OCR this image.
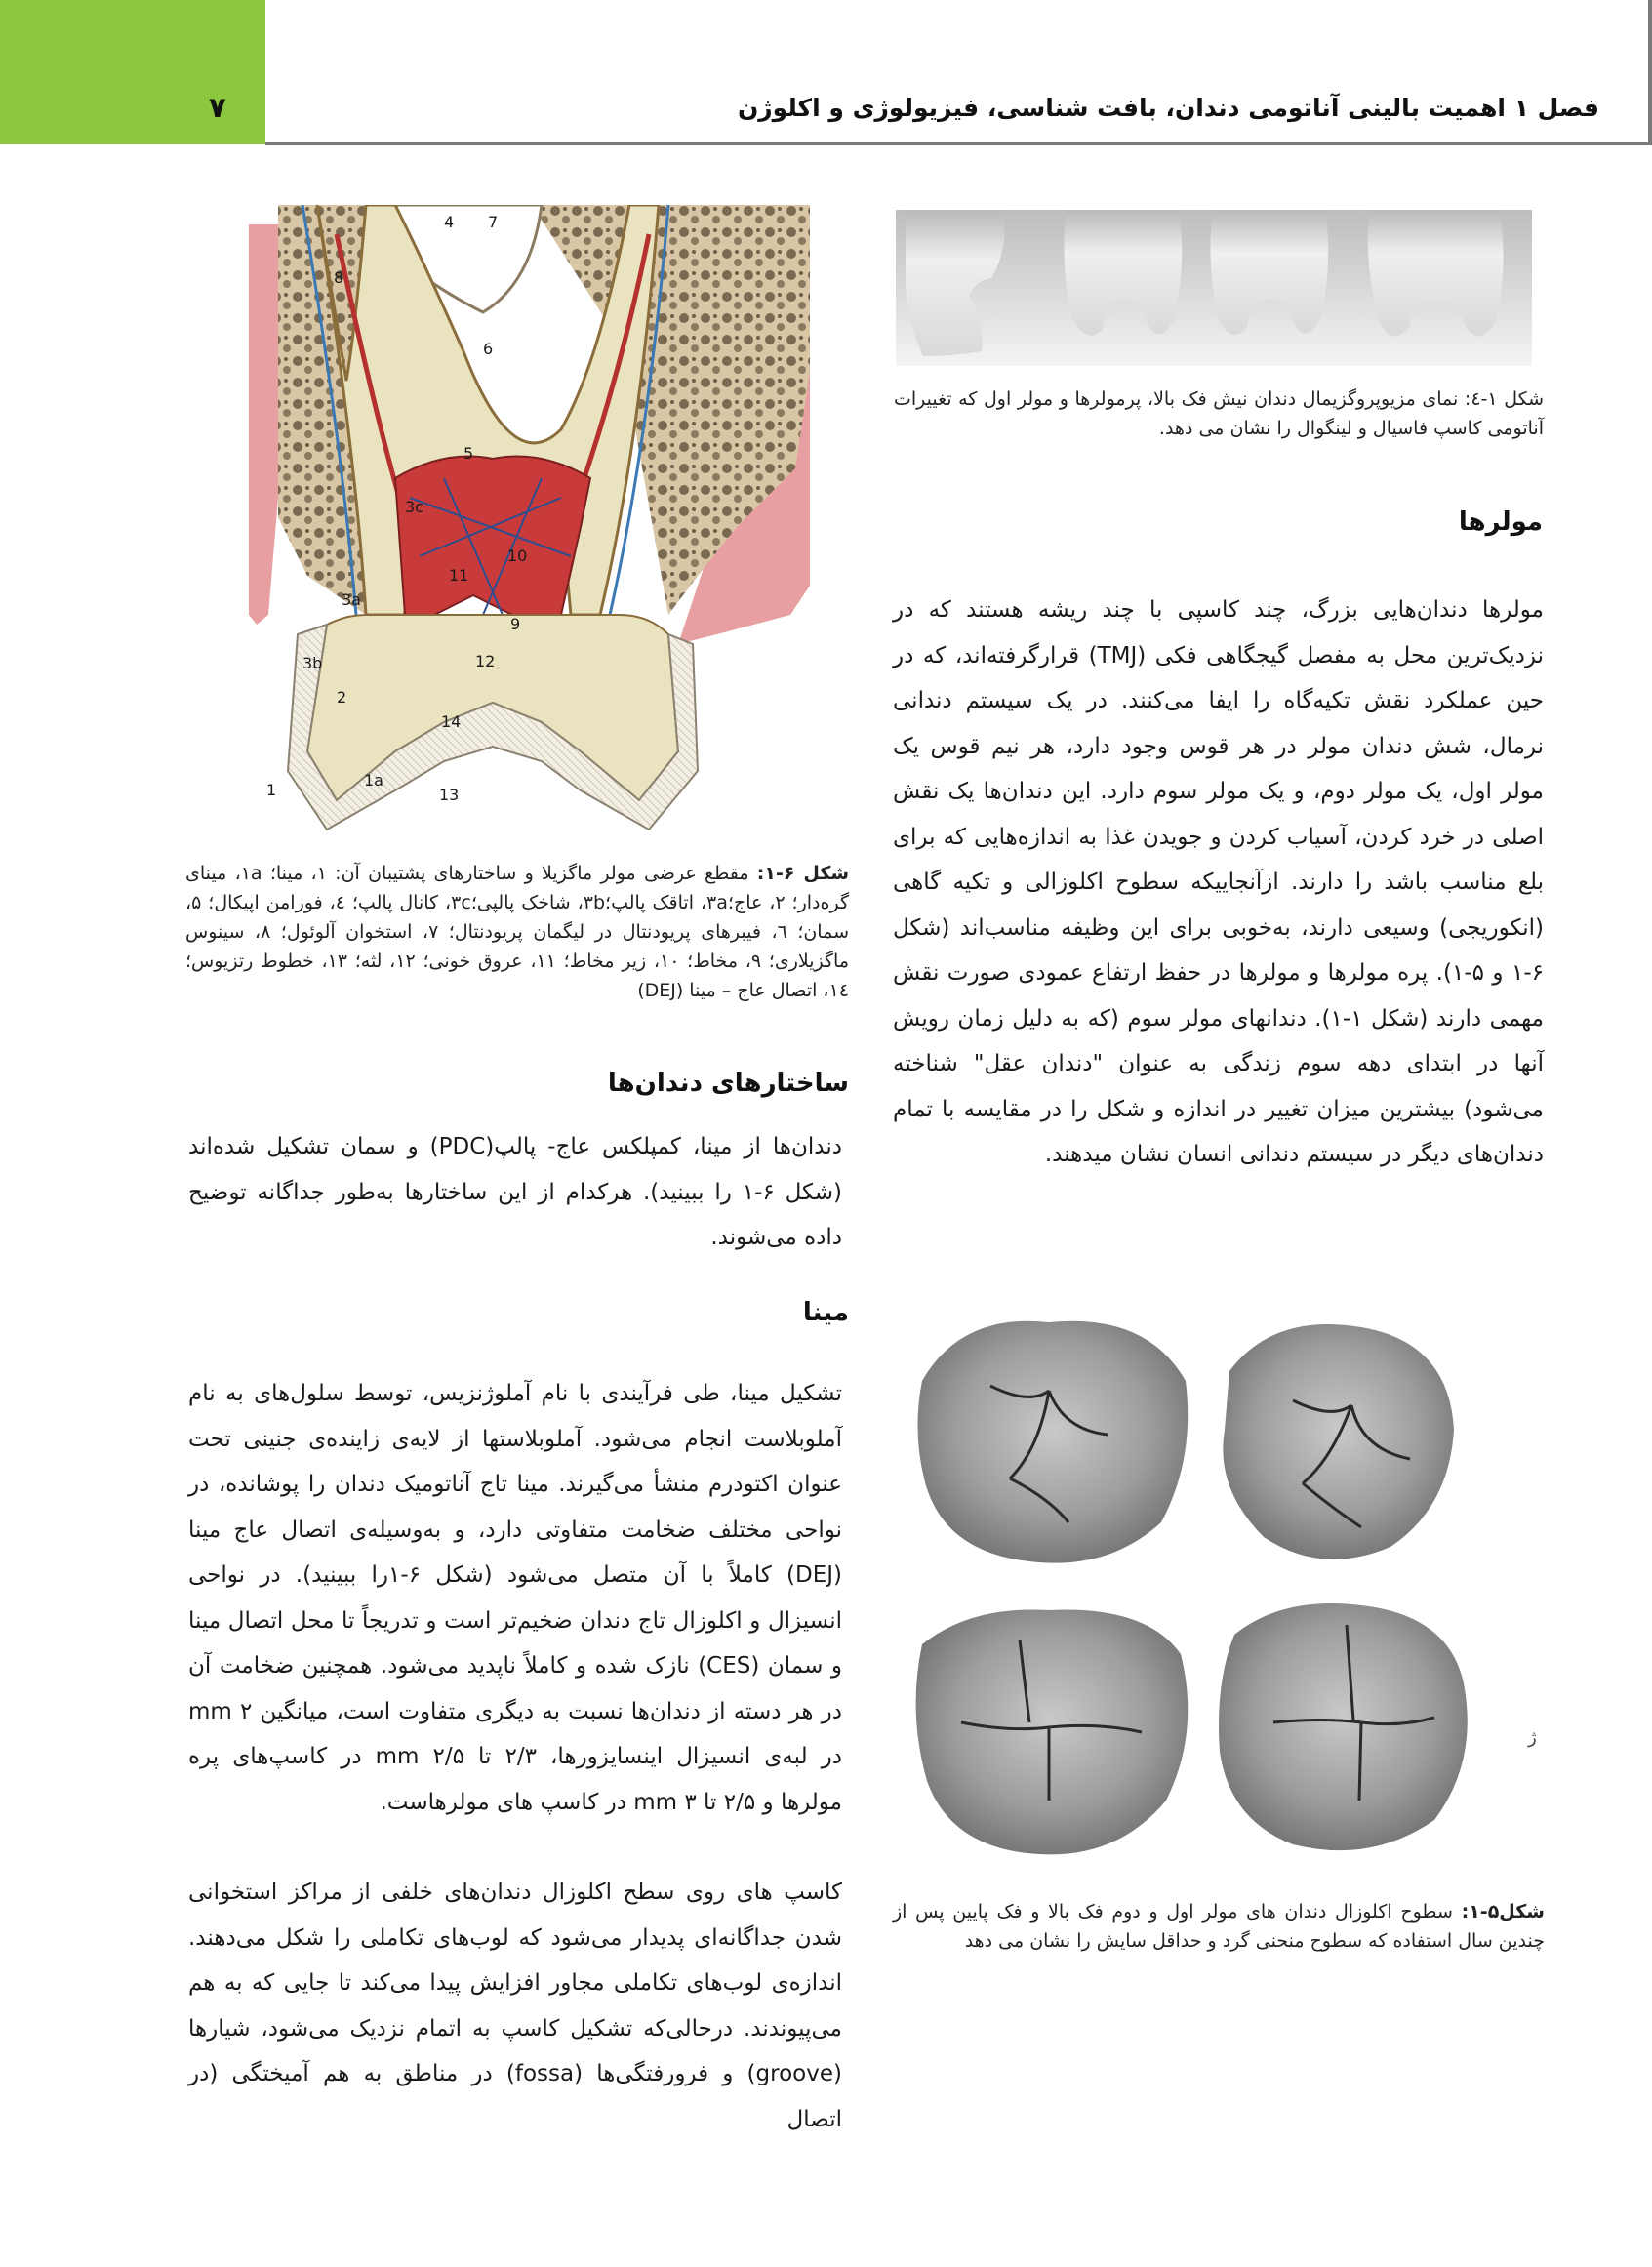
فصل ۱ اهمیت بالینی آناتومی دندان، بافت شناسی، فیزیولوژی و اکلوژن
۷
شکل ۱-٤: نمای مزیوپروگزیمال دندان نیش فک بالا، پرمولرها و مولر اول که تغییرات آناتومی کاسپ فاسیال و لینگوال را نشان می دهد.
مولرها

مولرها دندان‌هایی بزرگ، چند کاسپی با چند ریشه هستند که در نزدیک‌ترین محل به مفصل گیجگاهی فکی (TMJ) قرارگرفته‌اند، که در حین عملکرد نقش تکیه‌گاه را ایفا می‌کنند. در یک سیستم دندانی نرمال، شش دندان مولر در هر قوس وجود دارد، هر نیم قوس یک مولر اول، یک مولر دوم، و یک مولر سوم دارد. این دندان‌ها یک نقش اصلی در خرد کردن، آسیاب کردن و جویدن غذا به اندازه‌هایی که برای بلع مناسب باشد را دارند. ازآنجاییکه سطوح اکلوزالی و تکیه گاهی (انکوریجی) وسیعی دارند، به‌خوبی برای این وظیفه مناسب‌اند (شکل ۶-۱ و ۵-۱). پره مولرها و مولرها در حفظ ارتفاع عمودی صورت نقش مهمی دارند (شکل ۱-۱). دندانهای مولر سوم (که به دلیل زمان رویش آنها در ابتدای دهه سوم زندگی به عنوان "دندان عقل" شناخته می‌شود) بیشترین میزان تغییر در اندازه و شکل را در مقایسه با تمام دندان‌های دیگر در سیستم دندانی انسان نشان میدهند.

ژ
شکل۵-۱: سطوح اکلوزال دندان های مولر اول و دوم فک بالا و فک پایین پس از چندین سال استفاده که سطوح منحنی گرد و حداقل سایش را نشان می دهد
1
1a
2
3a
3b
3c
4
5
6
7
8
9
10
11
12
13
14
شکل ۶-۱: مقطع عرضی مولر ماگزیلا و ساختارهای پشتیبان آن: ۱، مینا؛ ۱a، مینای گره‌دار؛ ۲، عاج؛۳a، اتاقک پالپ؛۳b، شاخک پالپی؛۳c، کانال پالپ؛ ٤، فورامن اپیکال؛ ۵، سمان؛ ٦، فیبرهای پریودنتال در لیگمان پریودنتال؛ ۷، استخوان آلوئول؛ ۸، سینوس ماگزیلاری؛ ۹، مخاط؛ ۱۰، زیر مخاط؛ ۱۱، عروق خونی؛ ۱۲، لثه؛ ۱۳، خطوط رتزیوس؛ ۱٤، اتصال عاج – مینا (DEJ)
ساختارهای دندان‌ها

دندان‌ها از مینا، کمپلکس عاج- پالپ(PDC) و سمان تشکیل شده‌اند (شکل ۶-۱ را ببینید). هرکدام از این ساختارها به‌طور جداگانه توضیح داده می‌شوند.

مینا

تشکیل مینا، طی فرآیندی با نام آملوژنزیس، توسط سلول‌های به نام آملوبلاست انجام می‌شود. آملوبلاستها از لایه‌ی زاینده‌ی جنینی تحت عنوان اکتودرم منشأ می‌گیرند. مینا تاج آناتومیک دندان را پوشانده، در نواحی مختلف ضخامت متفاوتی دارد، و به‌وسیله‌ی اتصال عاج مینا (DEJ) کاملاً با آن متصل می‌شود (شکل ۶-۱را ببینید). در نواحی انسیزال و اکلوزال تاج دندان ضخیم‌تر است و تدریجاً تا محل اتصال مینا و سمان (CES) نازک شده و کاملاً ناپدید می‌شود. همچنین ضخامت آن در هر دسته از دندان‌ها نسبت به دیگری متفاوت است، میانگین mm ۲ در لبه‌ی انسیزال اینسایزورها، ۲/۳ تا mm ۲/۵ در کاسپ‌های پره مولرها و ۲/۵ تا mm ۳ در کاسپ های مولرهاست.

کاسپ های روی سطح اکلوزال دندان‌های خلفی از مراکز استخوانی شدن جداگانه‌ای پدیدار می‌شود که لوب‌های تکاملی را شکل می‌دهند. اندازه‌ی لوب‌های تکاملی مجاور افزایش پیدا می‌کند تا جایی که به هم می‌پیوندند. درحالی‌که تشکیل کاسپ به اتمام نزدیک می‌شود، شیارها (groove) و فرورفتگی‌ها (fossa) در مناطق به هم آمیختگی (در اتصال
